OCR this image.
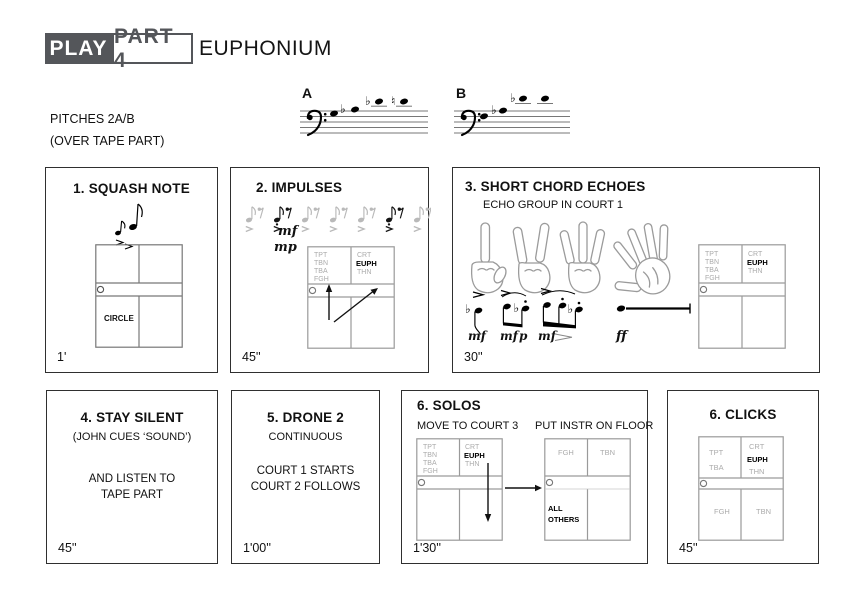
PLAY
PART 4	EUPHONIUM
PITCHES 2A/B
(OVER TAPE PART)
A
♭
♭ ♮	B
♭
♭
1. SQUASH NOTE
CIRCLE
1'
2. IMPULSES
mf
mp
TPT
TBN
TBA
FGH
CRT
EUPH
THN
45''
3. SHORT CHORD ECHOES
ECHO GROUP IN COURT 1
♭
mf
♭
mf p
♭
mf	ff
TPT
TBN
TBA
FGH
CRT
EUPH
THN
30''
4. STAY SILENT
(JOHN CUES ‘SOUND’)
AND LISTEN TO
TAPE PART
45''
5. DRONE 2
CONTINUOUS
COURT 1 STARTS
COURT 2 FOLLOWS
1'00''
6. SOLOS
MOVE TO COURT 3 PUT INSTR ON FLOOR
TPT
TBN
TBA
FGH
CRT
EUPH
THN
FGH	TBN
ALL
OTHERS
1'30''
6. CLICKS
TPT
TBA
CRT
EUPH
THN
FGH	TBN
45''
